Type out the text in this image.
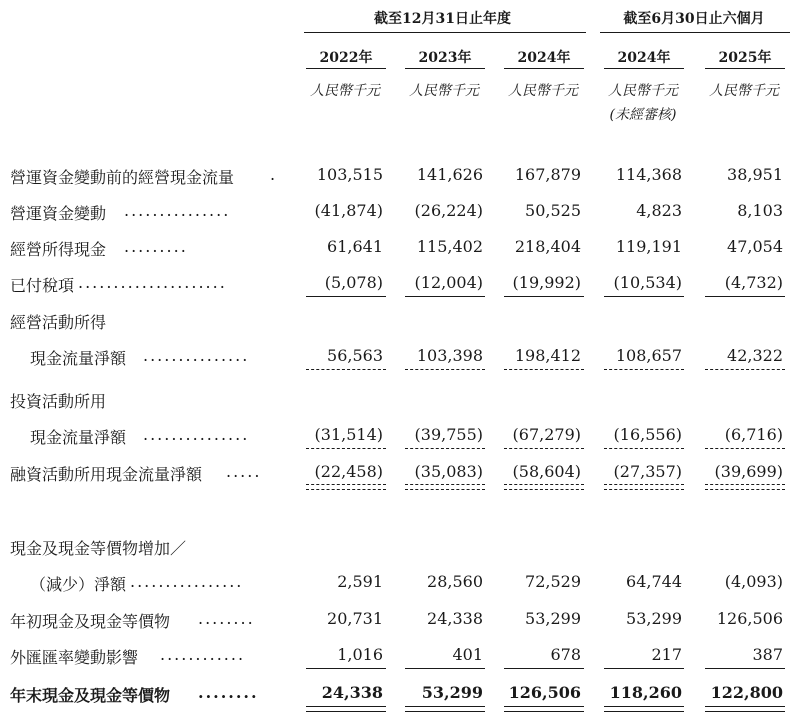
截至12月31日止年度	截至6月30日止六個月
2022年	2023年	2024年	2024年	2025年
人民幣千元	人民幣千元	人民幣千元	人民幣千元	人民幣千元
(未經審核)
營運資金變動前的經營現金流量 .	103,515	141,626	167,879	114,368	38,951
營運資金變動 ...............	(41,874)	(26,224)	50,525	4,823	8,103
經營所得現金 .........	61,641	115,402	218,404	119,191	47,054
已付稅項 .....................	(5,078)	(12,004)	(19,992)	(10,534)	(4,732)
經營活動所得
現金流量淨額 ...............	56,563	103,398	198,412	108,657	42,322
投資活動所用
現金流量淨額 ...............	(31,514)	(39,755)	(67,279)	(16,556)	(6,716)
融資活動所用現金流量淨額 .....	(22,458)	(35,083)	(58,604)	(27,357)	(39,699)
現金及現金等價物增加／
（減少）淨額 ................	2,591	28,560	72,529	64,744	(4,093)
年初現金及現金等價物 ........	20,731	24,338	53,299	53,299	126,506
外匯匯率變動影響 ............	1,016	401	678	217	387
年末現金及現金等價物 ........	24,338	53,299	126,506	118,260	122,800
